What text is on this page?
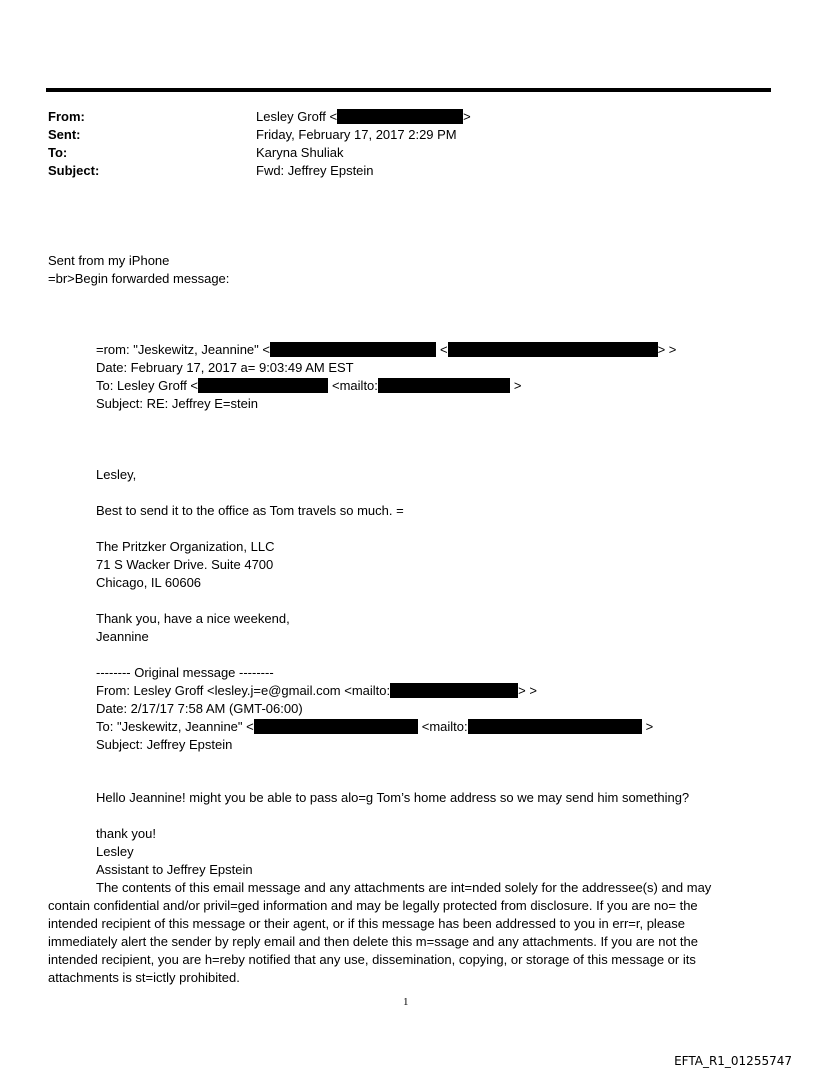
From:	Lesley Groff <	>
Sent:	Friday, February 17, 2017 2:29 PM
To:	Karyna Shuliak
Subject:	Fwd: Jeffrey Epstein
Sent from my iPhone
=br>Begin forwarded message:
=rom: "Jeskewitz, Jeannine" <	<	> >
Date: February 17, 2017 a= 9:03:49 AM EST
To: Lesley Groff <	<mailto:	>
Subject: RE: Jeffrey E=stein
Lesley,
Best to send it to the office as Tom travels so much. =
The Pritzker Organization, LLC
71 S Wacker Drive. Suite 4700
Chicago, IL 60606
Thank you, have a nice weekend,
Jeannine
-------- Original message --------
From: Lesley Groff <lesley.j=e@gmail.com <mailto:	> >
Date: 2/17/17 7:58 AM (GMT-06:00)
To: "Jeskewitz, Jeannine" <	<mailto:	>
Subject: Jeffrey Epstein
Hello Jeannine! might you be able to pass alo=g Tom’s home address so we may send him something?
thank you!
Lesley
Assistant to Jeffrey Epstein
The contents of this email message and any attachments are int=nded solely for the addressee(s) and may
contain confidential and/or privil=ged information and may be legally protected from disclosure. If you are no= the
intended recipient of this message or their agent, or if this message has been addressed to you in err=r, please
immediately alert the sender by reply email and then delete this m=ssage and any attachments. If you are not the
intended recipient, you are h=reby notified that any use, dissemination, copying, or storage of this message or its
attachments is st=ictly prohibited.
1
EFTA_R1_01255747
